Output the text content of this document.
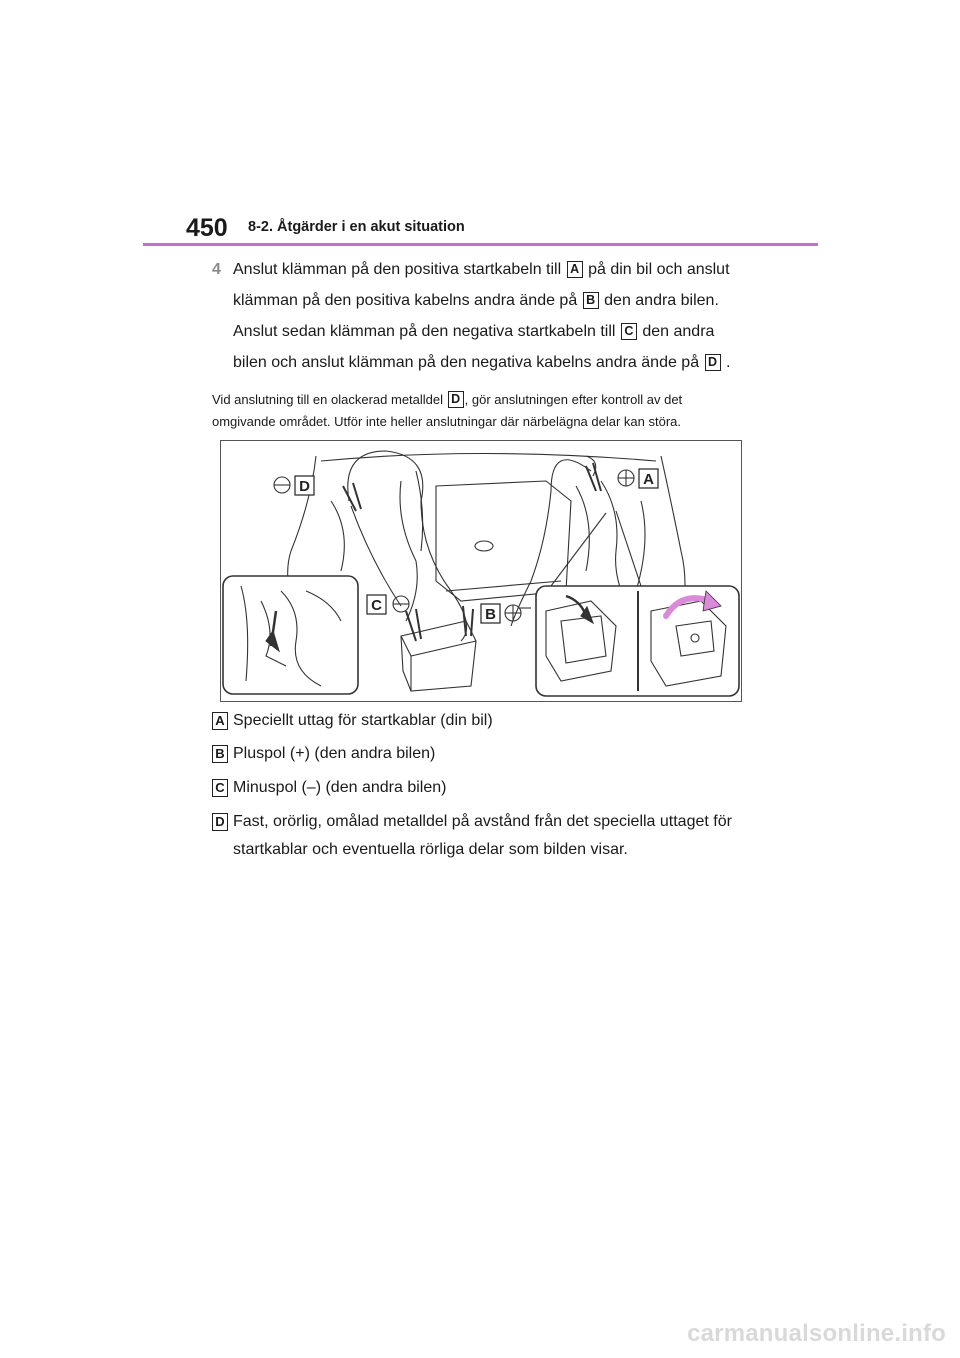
450 8-2. Åtgärder i en akut situation
4 Anslut klämman på den positiva startkabeln till A på din bil och anslut
klämman på den positiva kabelns andra ände på B den andra bilen.
Anslut sedan klämman på den negativa startkabeln till C den andra
bilen och anslut klämman på den negativa kabelns andra ände på D .
Vid anslutning till en olackerad metalldel D , gör anslutningen efter kontroll av det
omgivande området. Utför inte heller anslutningar där närbelägna delar kan störa.
D	A
C
B
A Speciellt uttag för startkablar (din bil)
B Pluspol (+) (den andra bilen)
C Minuspol (–) (den andra bilen)
D Fast, orörlig, omålad metalldel på avstånd från det speciella uttaget för
startkablar och eventuella rörliga delar som bilden visar.
carmanualsonline.info
